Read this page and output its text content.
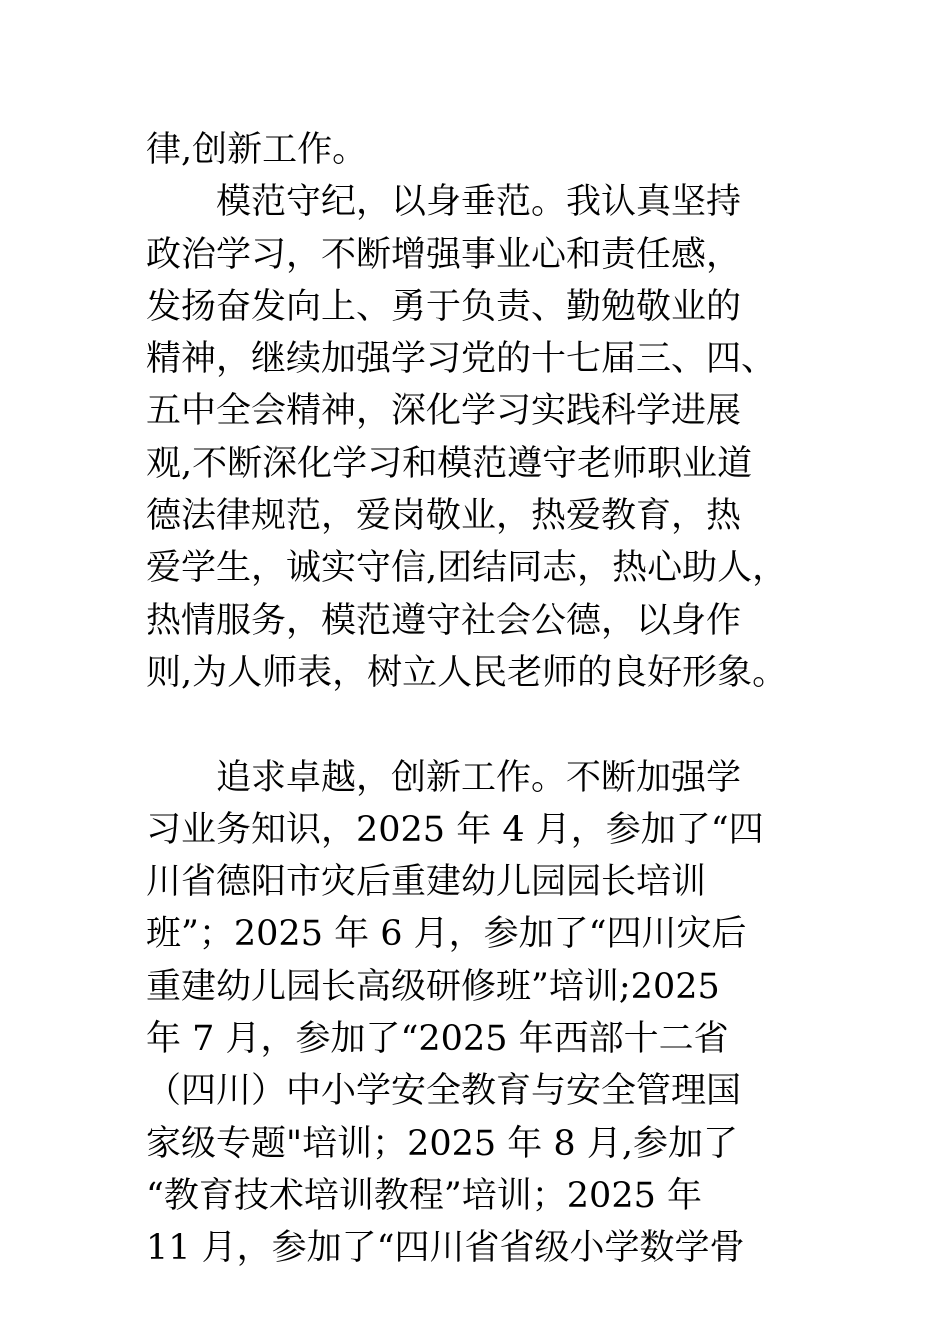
律,创新工作。
　　模范守纪，以身垂范。我认真坚持
政治学习，不断增强事业心和责任感，
发扬奋发向上、勇于负责、勤勉敬业的
精神，继续加强学习党的十七届三、四、
五中全会精神，深化学习实践科学进展
观,不断深化学习和模范遵守老师职业道
德法律规范，爱岗敬业，热爱教育，热
爱学生，诚实守信,团结同志，热心助人，
热情服务，模范遵守社会公德，以身作
则,为人师表，树立人民老师的良好形象。
　　追求卓越，创新工作。不断加强学
习业务知识，2025 年 4 月，参加了“四
川省德阳市灾后重建幼儿园园长培训
班”；2025 年 6 月，参加了“四川灾后
重建幼儿园长高级研修班”培训;2025
年 7 月，参加了“2025 年西部十二省
（四川）中小学安全教育与安全管理国
家级专题"培训；2025 年 8 月,参加了
“教育技术培训教程”培训；2025 年
11 月，参加了“四川省省级小学数学骨
